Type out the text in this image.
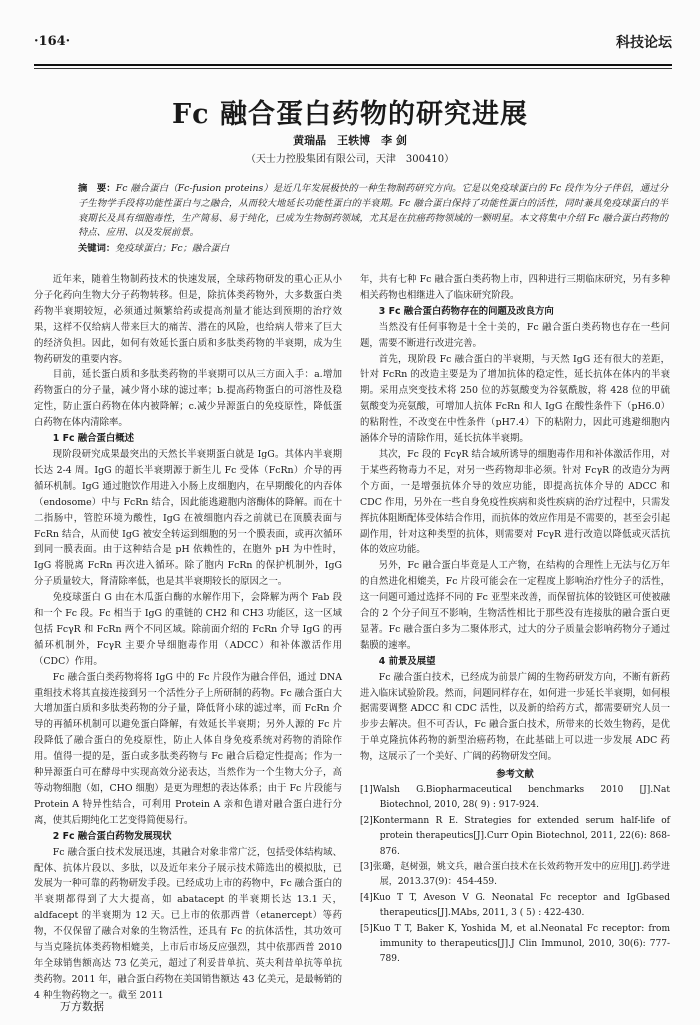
·164·	科技论坛
Fc 融合蛋白药物的研究进展
黄瑞晶　王轶博　李 剑
（天士力控股集团有限公司，天津　300410）
摘　要：Fc 融合蛋白（Fc-fusion proteins）是近几年发展极快的一种生物制药研究方向。它是以免疫球蛋白的 Fc 段作为分子伴侣，通过分子生物学手段将功能性蛋白与之融合，从而较大地延长功能性蛋白的半衰期。Fc 融合蛋白保持了功能性蛋白的活性，同时兼具免疫球蛋白的半衰期长及具有细胞毒性，生产简易、易于纯化，已成为生物制药领域，尤其是在抗癌药物领域的一颗明星。本文将集中介绍 Fc 融合蛋白药物的特点、应用、以及发展前景。
关键词：免疫球蛋白；Fc；融合蛋白

近年来，随着生物制药技术的快速发展，全球药物研发的重心正从小分子化药向生物大分子药物转移。但是，除抗体类药物外，大多数蛋白类药物半衰期较短，必须通过频繁给药或提高剂量才能达到预期的治疗效果，这样不仅给病人带来巨大的痛苦、潜在的风险，也给病人带来了巨大的经济负担。因此，如何有效延长蛋白质和多肽类药物的半衰期，成为生物药研发的重要内容。

目前，延长蛋白质和多肽类药物的半衰期可以从三方面入手：a.增加药物蛋白的分子量，减少肾小球的滤过率；b.提高药物蛋白的可溶性及稳定性，防止蛋白药物在体内被降解；c.减少异源蛋白的免疫原性，降低蛋白药物在体内清除率。

1 Fc 融合蛋白概述

现阶段研究成果最突出的天然长半衰期蛋白就是 IgG。其体内半衰期长达 2-4 周。IgG 的超长半衰期源于新生儿 Fc 受体（FcRn）介导的再循环机制。IgG 通过胞饮作用进入小肠上皮细胞内，在早期酸化的内吞体（endosome）中与 FcRn 结合，因此能逃避胞内溶酶体的降解。而在十二指肠中，管腔环境为酸性，IgG 在被细胞内吞之前就已在顶膜表面与 FcRn 结合，从而使 IgG 被安全转运到细胞的另一个膜表面，或再次循环到同一膜表面。由于这种结合是 pH 依赖性的，在胞外 pH 为中性时，IgG 将脱离 FcRn 再次进入循环。除了胞内 FcRn 的保护机制外，IgG 分子质量较大，肾清除率低，也是其半衰期较长的原因之一。

免疫球蛋白 G 由在木瓜蛋白酶的水解作用下，会降解为两个 Fab 段和一个 Fc 段。Fc 相当于 IgG 的重链的 CH2 和 CH3 功能区，这一区域包括 FcγR 和 FcRn 两个不同区域。除前面介绍的 FcRn 介导 IgG 的再循环机制外，FcγR 主要介导细胞毒作用（ADCC）和补体激活作用（CDC）作用。

Fc 融合蛋白类药物将将 IgG 中的 Fc 片段作为融合伴侣，通过 DNA 重组技术将其直接连接到另一个活性分子上所研制的药物。Fc 融合蛋白大大增加蛋白质和多肽类药物的分子量，降低肾小球的滤过率，而 FcRn 介导的再循环机制可以避免蛋白降解，有效延长半衰期；另外人源的 Fc 片段降低了融合蛋白的免疫原性，防止人体自身免疫系统对药物的消除作用。值得一提的是，蛋白或多肽类药物与 Fc 融合后稳定性提高；作为一种异源蛋白可在酵母中实现高效分泌表达，当然作为一个生物大分子，高等动物细胞（如，CHO 细胞）是更为理想的表达体系；由于 Fc 片段能与 Protein A 特异性结合，可利用 Protein A 亲和色谱对融合蛋白进行分离，使其后期纯化工艺变得简便易行。

2 Fc 融合蛋白药物发展现状

Fc 融合蛋白技术发展迅速，其融合对象非常广泛，包括受体结构域、配体、抗体片段以、多肽，以及近年来分子展示技术筛选出的模拟肽，已发展为一种可靠的药物研发手段。已经成功上市的药物中，Fc 融合蛋白的半衰期都得到了大大提高，如 abatacept 的半衰期长达 13.1 天，aldfacept 的半衰期为 12 天。已上市的依那西普（etanercept）等药物，不仅保留了融合对象的生物活性，还具有 Fc 的抗体活性，其功效可与当克隆抗体类药物相媲美，上市后市场反应强烈，其中依那西普 2010 年全球销售额高达 73 亿美元，超过了利妥昔单抗、英夫利昔单抗等单抗类药物。2011 年，融合蛋白药物在美国销售额达 43 亿美元，是最畅销的 4 种生物药物之一。截至 2011

年，共有七种 Fc 融合蛋白类药物上市，四种进行三期临床研究，另有多种相关药物也相继进入了临床研究阶段。

3 Fc 融合蛋白药物存在的问题及改良方向

当然没有任何事物是十全十美的，Fc 融合蛋白类药物也存在一些问题，需要不断进行改进完善。

首先，现阶段 Fc 融合蛋白的半衰期，与天然 IgG 还有很大的差距，针对 FcRn 的改造主要是为了增加抗体的稳定性，延长抗体在体内的半衰期。采用点突变技术将 250 位的苏氨酸变为谷氨酰胺，将 428 位的甲硫氨酸变为亮氨酸，可增加人抗体 FcRn 和人 IgG 在酸性条件下（pH6.0）的粘附性，不改变在中性条件（pH7.4）下的粘附力，因此可逃避细胞内涵体介导的清除作用，延长抗体半衰期。

其次，Fc 段的 FcγR 结合域所诱导的细胞毒作用和补体激活作用，对于某些药物毒力不足，对另一些药物却非必须。针对 FcγR 的改造分为两个方面，一是增强抗体介导的效应功能，即提高抗体介导的 ADCC 和 CDC 作用，另外在一些自身免疫性疾病和炎性疾病的治疗过程中，只需发挥抗体阻断配体受体结合作用，而抗体的效应作用是不需要的，甚至会引起副作用，针对这种类型的抗体，则需要对 FcγR 进行改造以降低或灭活抗体的效应功能。

另外，Fc 融合蛋白毕竟是人工产物，在结构的合理性上无法与亿万年的自然进化相媲美，Fc 片段可能会在一定程度上影响治疗性分子的活性，这一问题可通过选择不同的 Fc 亚型来改善，而保留抗体的铰链区可使被融合的 2 个分子间互不影响，生物活性相比于那些没有连接肽的融合蛋白更显著。Fc 融合蛋白多为二聚体形式，过大的分子质量会影响药物分子通过黏膜的速率。

4 前景及展望

Fc 融合蛋白技术，已经成为前景广阔的生物药研发方向，不断有新药进入临床试验阶段。然而，问题同样存在，如何进一步延长半衰期，如何根据需要调整 ADCC 和 CDC 活性，以及新的给药方式，都需要研究人员一步步去解决。但不可否认，Fc 融合蛋白技术，所带来的长效生物药，是优于单克隆抗体药物的新型治癌药物，在此基础上可以进一步发展 ADC 药物，这展示了一个美好、广阔的药物研发空间。

参考文献

[1]Walsh G.Biopharmaceutical benchmarks 2010 [J].Nat Biotechnol, 2010, 28( 9) : 917-924.

[2]Kontermann R E. Strategies for extended serum half-life of protein therapeutics[J].Curr Opin Biotechnol, 2011, 22(6): 868-876.

[3]张璐，赵树强，姚文兵，融合蛋白技术在长效药物开发中的应用[J].药学进展，2013.37(9)：454-459.

[4]Kuo T T, Aveson V G. Neonatal Fc receptor and IgGbased therapeutics[J].MAbs, 2011, 3 ( 5) : 422-430.

[5]Kuo T T, Baker K, Yoshida M, et al.Neonatal Fc receptor: from immunity to therapeutics[J].J Clin Immunol, 2010, 30(6): 777-789.

万方数据
